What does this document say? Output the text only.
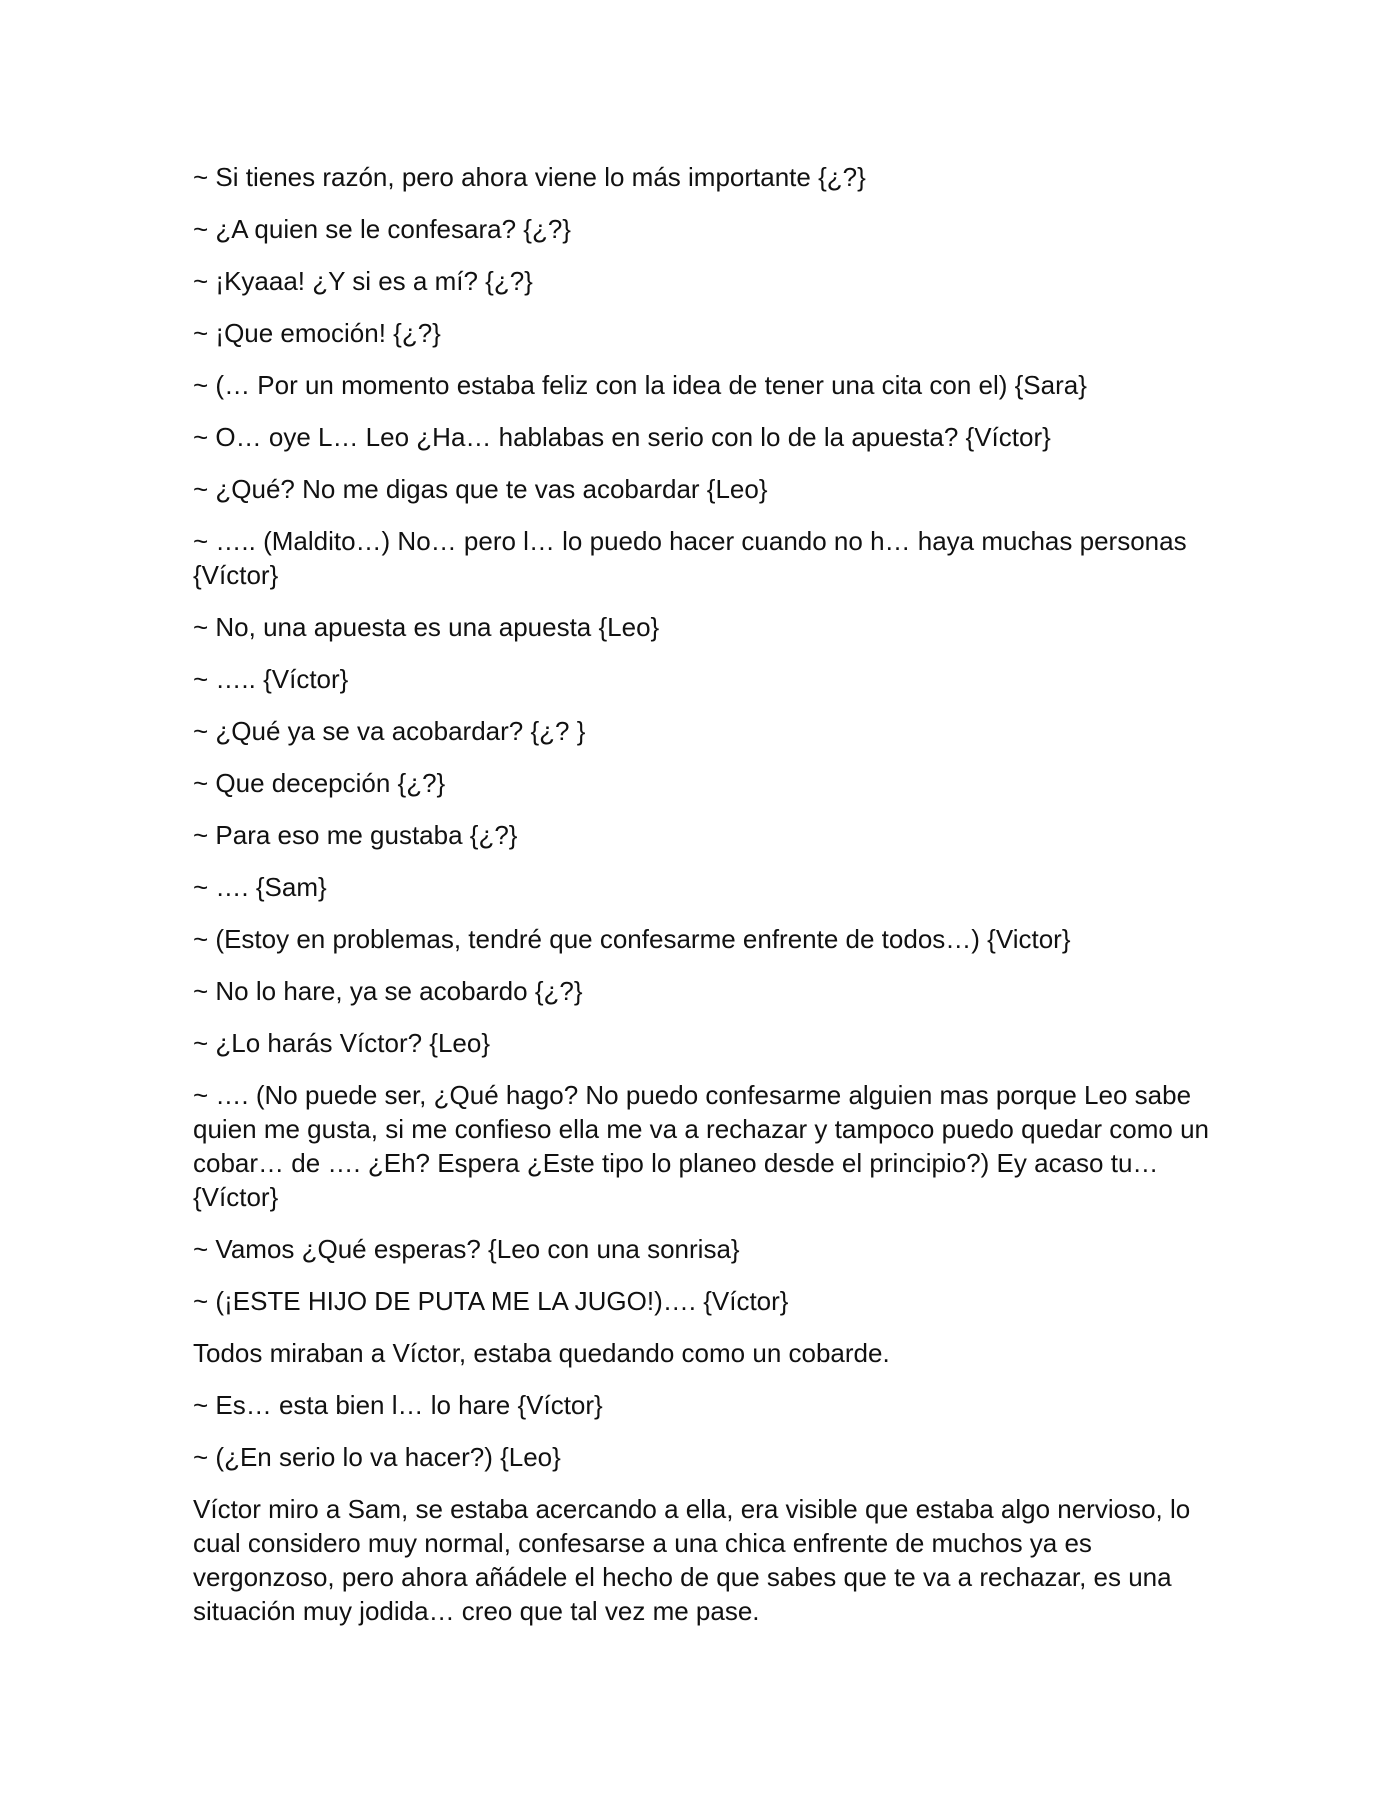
~ Si tienes razón, pero ahora viene lo más importante {¿?}

~ ¿A quien se le confesara? {¿?}

~ ¡Kyaaa! ¿Y si es a mí? {¿?}

~ ¡Que emoción! {¿?}

~ (… Por un momento estaba feliz con la idea de tener una cita con el) {Sara}

~ O… oye L… Leo ¿Ha… hablabas en serio con lo de la apuesta? {Víctor}

~ ¿Qué? No me digas que te vas acobardar {Leo}

~ ….. (Maldito…) No… pero l… lo puedo hacer cuando no h… haya muchas personas {Víctor}

~ No, una apuesta es una apuesta {Leo}

~ ….. {Víctor}

~ ¿Qué ya se va acobardar? {¿? }

~ Que decepción {¿?}

~ Para eso me gustaba {¿?}

~ …. {Sam}

~ (Estoy en problemas, tendré que confesarme enfrente de todos…) {Victor}

~ No lo hare, ya se acobardo {¿?}

~ ¿Lo harás Víctor? {Leo}

~ …. (No puede ser, ¿Qué hago? No puedo confesarme alguien mas porque Leo sabe quien me gusta, si me confieso ella me va a rechazar y tampoco puedo quedar como un cobar… de …. ¿Eh? Espera ¿Este tipo lo planeo desde el principio?) Ey acaso tu… {Víctor}

~ Vamos ¿Qué esperas? {Leo con una sonrisa}

~ (¡ESTE HIJO DE PUTA ME LA JUGO!)…. {Víctor}

Todos miraban a Víctor, estaba quedando como un cobarde.

~ Es… esta bien l… lo hare {Víctor}

~ (¿En serio lo va hacer?) {Leo}

Víctor miro a Sam, se estaba acercando a ella, era visible que estaba algo nervioso, lo cual considero muy normal, confesarse a una chica enfrente de muchos ya es vergonzoso, pero ahora añádele el hecho de que sabes que te va a rechazar, es una situación muy jodida… creo que tal vez me pase.
